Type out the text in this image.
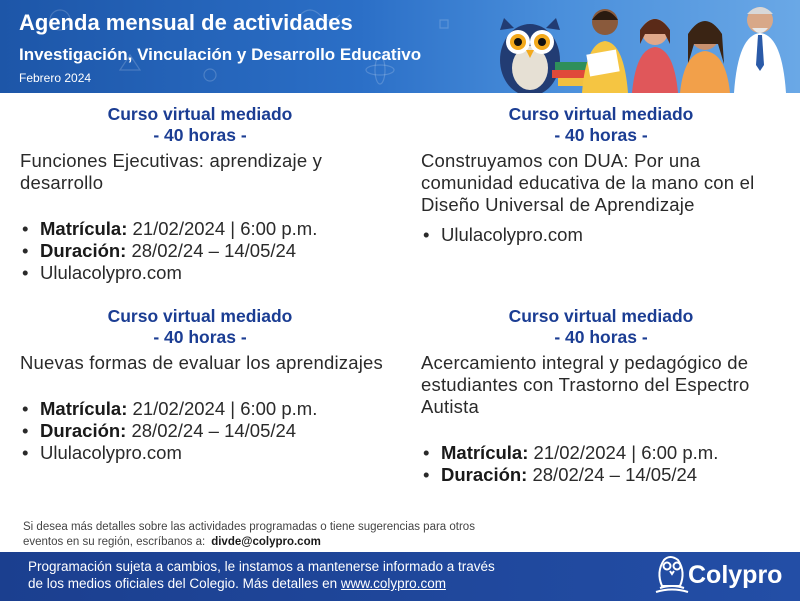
Agenda mensual de actividades
Investigación, Vinculación y Desarrollo Educativo
Febrero 2024
Curso virtual mediado
- 40 horas -
Funciones Ejecutivas: aprendizaje y desarrollo
• Matrícula: 21/02/2024 | 6:00 p.m.
• Duración: 28/02/24 – 14/05/24
• Ululacolypro.com
Curso virtual mediado
- 40 horas -
Construyamos con DUA: Por una comunidad educativa de la mano con el Diseño Universal de Aprendizaje
• Ululacolypro.com
Curso virtual mediado
- 40 horas -
Nuevas formas de evaluar los aprendizajes
• Matrícula: 21/02/2024 | 6:00 p.m.
• Duración: 28/02/24 – 14/05/24
• Ululacolypro.com
Curso virtual mediado
- 40 horas -
Acercamiento integral y pedagógico de estudiantes con Trastorno del Espectro Autista
• Matrícula: 21/02/2024 | 6:00 p.m.
• Duración: 28/02/24 – 14/05/24
Si desea más detalles sobre las actividades programadas o tiene sugerencias para otros
eventos en su región, escríbanos a: divde@colypro.com
Programación sujeta a cambios, le instamos a mantenerse informado a través
de los medios oficiales del Colegio. Más detalles en www.colypro.com	Colypro
